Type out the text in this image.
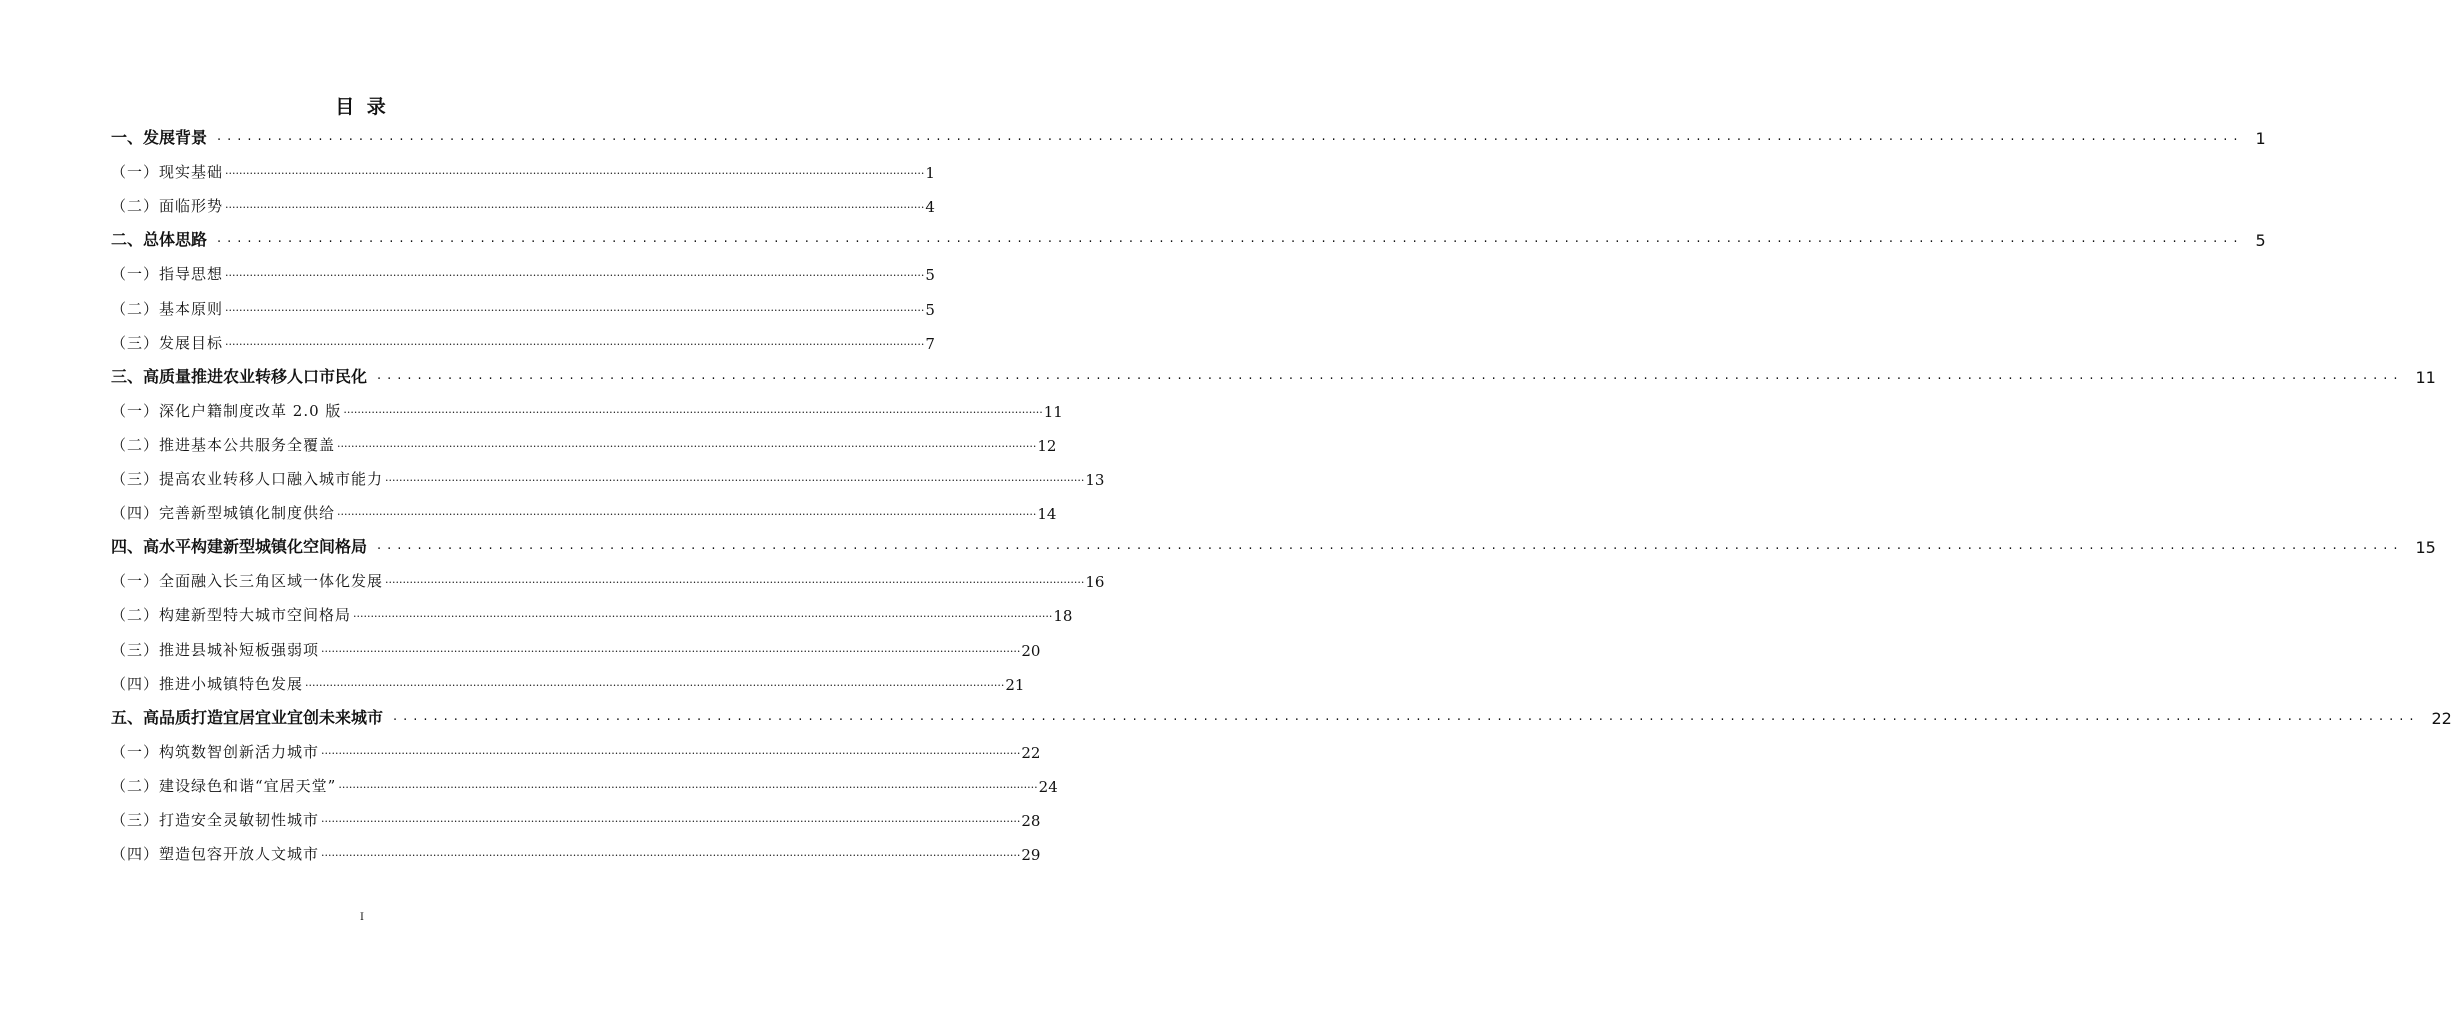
目 录
一、发展背景 ........................................................................................................................................................................................................ 1
（一）现实基础 ........................................................................................................................................................................................................ 1
（二）面临形势 ........................................................................................................................................................................................................ 4
二、总体思路 ........................................................................................................................................................................................................ 5
（一）指导思想 ........................................................................................................................................................................................................ 5
（二）基本原则 ........................................................................................................................................................................................................ 5
（三）发展目标 ........................................................................................................................................................................................................ 7
三、高质量推进农业转移人口市民化 ........................................................................................................................................................................................................ 11
（一）深化户籍制度改革 2.0 版 ........................................................................................................................................................................................................ 11
（二）推进基本公共服务全覆盖 ........................................................................................................................................................................................................ 12
（三）提高农业转移人口融入城市能力 ........................................................................................................................................................................................................ 13
（四）完善新型城镇化制度供给 ........................................................................................................................................................................................................ 14
四、高水平构建新型城镇化空间格局 ........................................................................................................................................................................................................ 15
（一）全面融入长三角区域一体化发展 ........................................................................................................................................................................................................ 16
（二）构建新型特大城市空间格局 ........................................................................................................................................................................................................ 18
（三）推进县城补短板强弱项 ........................................................................................................................................................................................................ 20
（四）推进小城镇特色发展 ........................................................................................................................................................................................................ 21
五、高品质打造宜居宜业宜创未来城市 ........................................................................................................................................................................................................ 22
（一）构筑数智创新活力城市 ........................................................................................................................................................................................................ 22
（二）建设绿色和谐“宜居天堂” ........................................................................................................................................................................................................ 24
（三）打造安全灵敏韧性城市 ........................................................................................................................................................................................................ 28
（四）塑造包容开放人文城市 ........................................................................................................................................................................................................ 29
I
